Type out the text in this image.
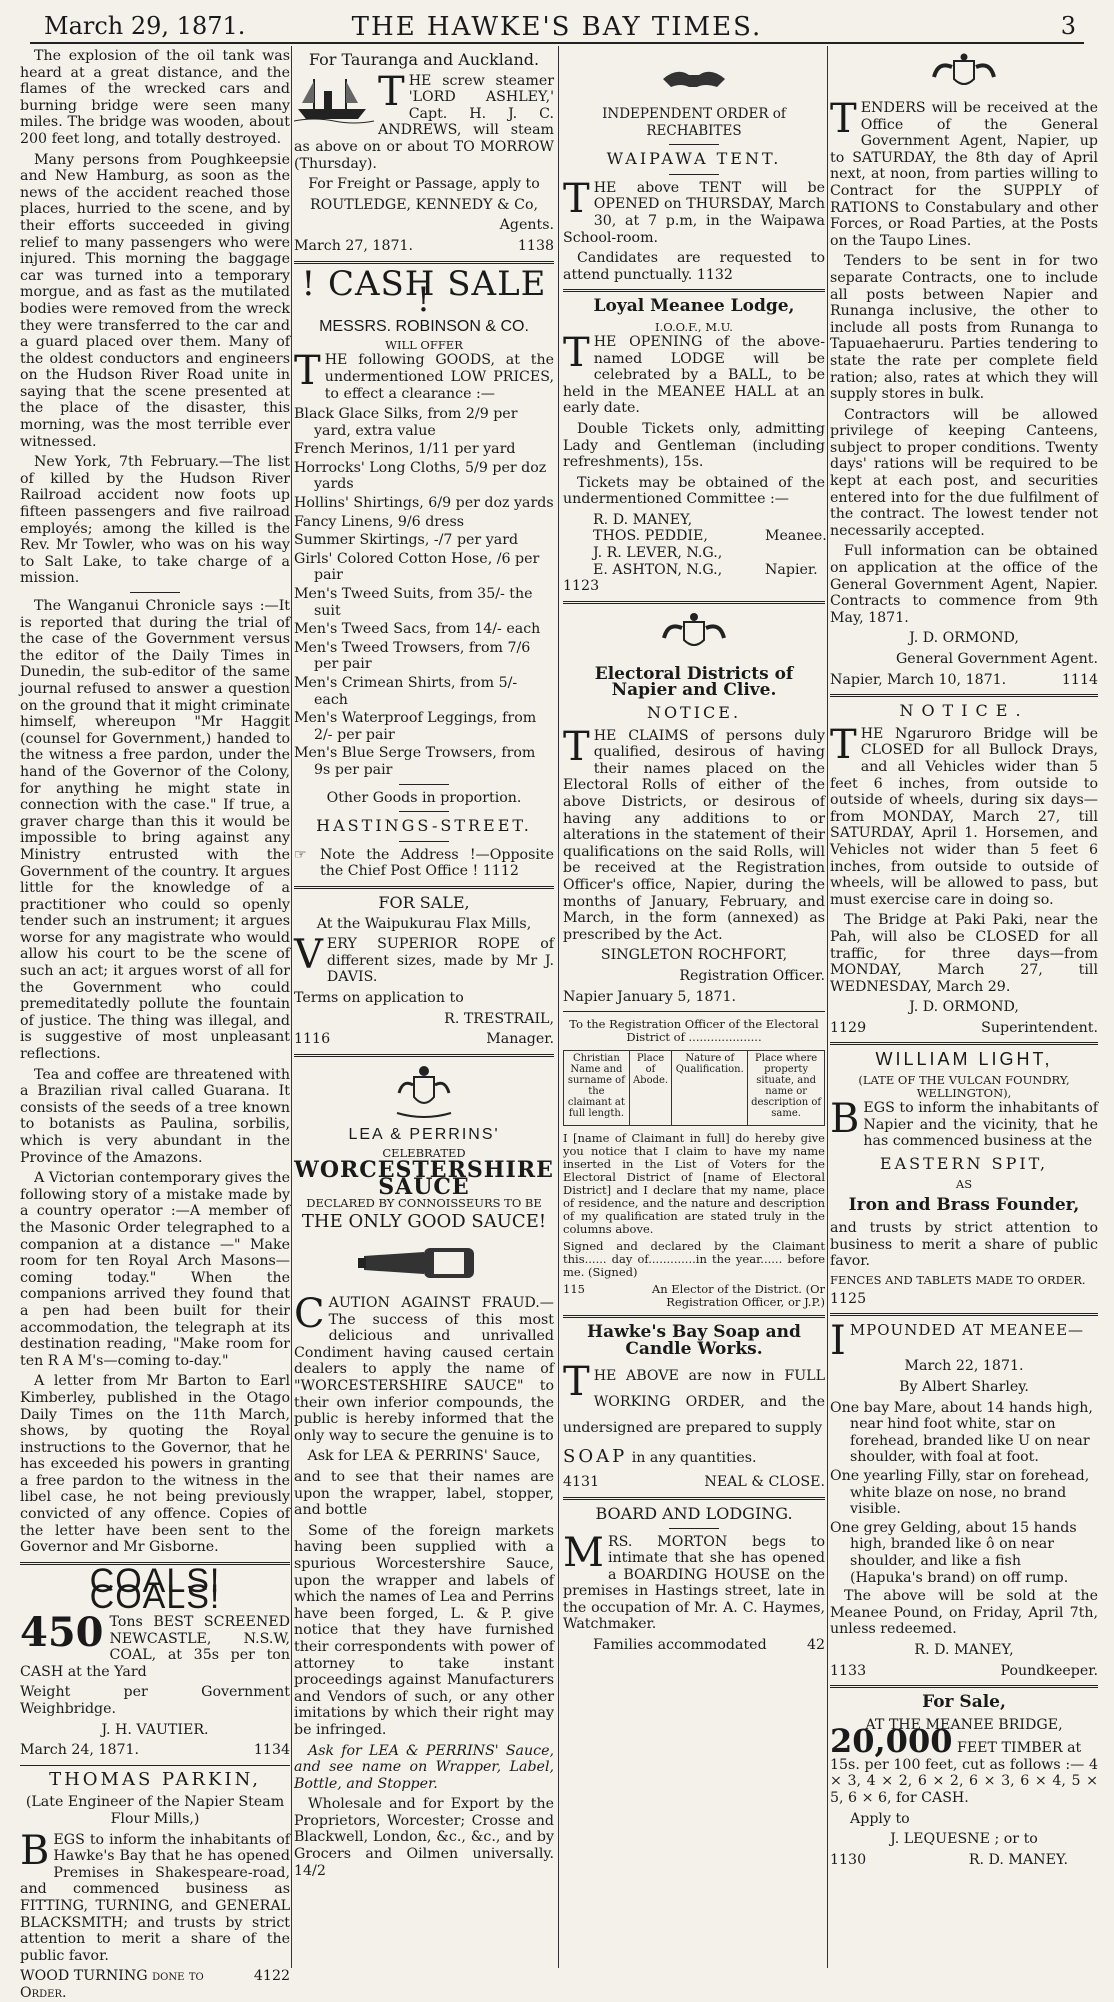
March 29, 1871.	THE HAWKE'S BAY TIMES.	3

The explosion of the oil tank was heard at a great distance, and the flames of the wrecked cars and burning bridge were seen many miles. The bridge was wooden, about 200 feet long, and totally destroyed.

Many persons from Poughkeepsie and New Hamburg, as soon as the news of the accident reached those places, hurried to the scene, and by their efforts succeeded in giving relief to many passengers who were injured. This morning the baggage car was turned into a temporary morgue, and as fast as the mutilated bodies were removed from the wreck they were transferred to the car and a guard placed over them. Many of the oldest conductors and engineers on the Hudson River Road unite in saying that the scene presented at the place of the disaster, this morning, was the most terrible ever witnessed.

New York, 7th February.—The list of killed by the Hudson River Railroad accident now foots up fifteen passengers and five railroad employés; among the killed is the Rev. Mr Towler, who was on his way to Salt Lake, to take charge of a mission.

The Wanganui Chronicle says :—It is reported that during the trial of the case of the Government versus the editor of the Daily Times in Dunedin, the sub-editor of the same journal refused to answer a question on the ground that it might criminate himself, whereupon "Mr Haggit (counsel for Government,) handed to the witness a free pardon, under the hand of the Governor of the Colony, for anything he might state in connection with the case." If true, a graver charge than this it would be impossible to bring against any Ministry entrusted with the Government of the country. It argues little for the knowledge of a practitioner who could so openly tender such an instrument; it argues worse for any magistrate who would allow his court to be the scene of such an act; it argues worst of all for the Government who could premeditatedly pollute the fountain of justice. The thing was illegal, and is suggestive of most unpleasant reflections.

Tea and coffee are threatened with a Brazilian rival called Guarana. It consists of the seeds of a tree known to botanists as Paulina, sorbilis, which is very abundant in the Province of the Amazons.

A Victorian contemporary gives the following story of a mistake made by a country operator :—A member of the Masonic Order telegraphed to a companion at a distance —" Make room for ten Royal Arch Masons—coming today." When the companions arrived they found that a pen had been built for their accommodation, the telegraph at its destination reading, "Make room for ten R A M's—coming to-day."

A letter from Mr Barton to Earl Kimberley, published in the Otago Daily Times on the 11th March, shows, by quoting the Royal instructions to the Governor, that he has exceeded his powers in granting a free pardon to the witness in the libel case, he not being previously convicted of any offence. Copies of the letter have been sent to the Governor and Mr Gisborne.

COALS! COALS!
450 Tons BEST SCREENED NEWCASTLE, N.S.W, COAL, at 35s per ton CASH at the Yard

Weight per Government Weighbridge.

J. H. VAUTIER.

March 24, 1871.	1134
THOMAS PARKIN,

(Late Engineer of the Napier Steam Flour Mills,)

BEGS to inform the inhabitants of Hawke's Bay that he has opened Premises in Shakespeare-road, and commenced business as FITTING, TURNING, and GENERAL BLACKSMITH; and trusts by strict attention to merit a share of the public favor.

WOOD TURNING done to Order.
4122
For Tauranga and Auckland.

THE screw steamer 'LORD ASHLEY,' Capt. H. J. C. ANDREWS, will steam as above on or about TO MORROW (Thursday).

For Freight or Passage, apply to

ROUTLEDGE, KENNEDY & Co,

Agents.

March 27, 1871.	1138
! CASH SALE !
MESSRS. ROBINSON & CO.
WILL OFFER

THE following GOODS, at the undermentioned LOW PRICES, to effect a clearance :—

Black Glace Silks, from 2/9 per yard, extra value

French Merinos, 1/11 per yard

Horrocks' Long Cloths, 5/9 per doz yards

Hollins' Shirtings, 6/9 per doz yards

Fancy Linens, 9/6 dress

Summer Skirtings, -/7 per yard

Girls' Colored Cotton Hose, /6 per pair

Men's Tweed Suits, from 35/- the suit

Men's Tweed Sacs, from 14/- each

Men's Tweed Trowsers, from 7/6 per pair

Men's Crimean Shirts, from 5/- each

Men's Waterproof Leggings, from 2/- per pair

Men's Blue Serge Trowsers, from 9s per pair

Other Goods in proportion.

HASTINGS-STREET.

☞ Note the Address !—Opposite the Chief Post Office ! 1112

FOR SALE,

At the Waipukurau Flax Mills,

VERY SUPERIOR ROPE of different sizes, made by Mr J. DAVIS.

Terms on application to

R. TRESTRAIL,

1116	Manager.
LEA & PERRINS'
CELEBRATED
WORCESTERSHIRE SAUCE
DECLARED BY CONNOISSEURS TO BE
THE ONLY GOOD SAUCE!

CAUTION AGAINST FRAUD.— The success of this most delicious and unrivalled Condiment having caused certain dealers to apply the name of "WORCESTERSHIRE SAUCE" to their own inferior compounds, the public is hereby informed that the only way to secure the genuine is to

Ask for LEA & PERRINS' Sauce,

and to see that their names are upon the wrapper, label, stopper, and bottle

Some of the foreign markets having been supplied with a spurious Worcestershire Sauce, upon the wrapper and labels of which the names of Lea and Perrins have been forged, L. & P. give notice that they have furnished their correspondents with power of attorney to take instant proceedings against Manufacturers and Vendors of such, or any other imitations by which their right may be infringed.

Ask for LEA & PERRINS' Sauce, and see name on Wrapper, Label, Bottle, and Stopper.

Wholesale and for Export by the Proprietors, Worcester; Crosse and Blackwell, London, &c., &c., and by Grocers and Oilmen universally. 14/2

INDEPENDENT ORDER of RECHABITES
WAIPAWA TENT.

THE above TENT will be OPENED on THURSDAY, March 30, at 7 p.m, in the Waipawa School-room.

Candidates are requested to attend punctually. 1132

Loyal Meanee Lodge,
I.O.O.F., M.U.

THE OPENING of the above-named LODGE will be celebrated by a BALL, to be held in the MEANEE HALL at an early date.

Double Tickets only, admitting Lady and Gentleman (including refreshments), 15s.

Tickets may be obtained of the undermentioned Committee :—

R. D. MANEY,
THOS. PEDDIE,
J. R. LEVER, N.G.,
E. ASHTON, N.G.,
Meanee.
Napier.

1123

Electoral Districts of Napier and Clive.
NOTICE.

THE CLAIMS of persons duly qualified, desirous of having their names placed on the Electoral Rolls of either of the above Districts, or desirous of having any additions to or alterations in the statement of their qualifications on the said Rolls, will be received at the Registration Officer's office, Napier, during the months of January, February, and March, in the form (annexed) as prescribed by the Act.

SINGLETON ROCHFORT,

Registration Officer.

Napier January 5, 1871.

To the Registration Officer of the Electoral District of ....................
Christian Name and surname of the claimant at full length.	Place of Abode.	Nature of Qualification.	Place where property situate, and name or description of same.

I [name of Claimant in full] do hereby give you notice that I claim to have my name inserted in the List of Voters for the Electoral District of [name of Electoral District] and I declare that my name, place of residence, and the nature and description of my qualification are stated truly in the columns above.

Signed and declared by the Claimant this...... day of.............in the year...... before me. (Signed)

115	An Elector of the District. (Or Registration Officer, or J.P.)
Hawke's Bay Soap and Candle Works.

THE ABOVE are now in FULL WORKING ORDER, and the undersigned are prepared to supply

SOAP in any quantities.

4131	NEAL & CLOSE.
BOARD AND LODGING.

MRS. MORTON begs to intimate that she has opened a BOARDING HOUSE on the premises in Hastings street, late in the occupation of Mr. A. C. Haymes, Watchmaker.

Families accommodated	42

TENDERS will be received at the Office of the General Government Agent, Napier, up to SATURDAY, the 8th day of April next, at noon, from parties willing to Contract for the SUPPLY of RATIONS to Constabulary and other Forces, or Road Parties, at the Posts on the Taupo Lines.

Tenders to be sent in for two separate Contracts, one to include all posts between Napier and Runanga inclusive, the other to include all posts from Runanga to Tapuaehaeruru. Parties tendering to state the rate per complete field ration; also, rates at which they will supply stores in bulk.

Contractors will be allowed privilege of keeping Canteens, subject to proper conditions. Twenty days' rations will be required to be kept at each post, and securities entered into for the due fulfilment of the contract. The lowest tender not necessarily accepted.

Full information can be obtained on application at the office of the General Government Agent, Napier. Contracts to commence from 9th May, 1871.

J. D. ORMOND,

General Government Agent.

Napier, March 10, 1871.	1114
NOTICE.

THE Ngaruroro Bridge will be CLOSED for all Bullock Drays, and all Vehicles wider than 5 feet 6 inches, from outside to outside of wheels, during six days—from MONDAY, March 27, till SATURDAY, April 1. Horsemen, and Vehicles not wider than 5 feet 6 inches, from outside to outside of wheels, will be allowed to pass, but must exercise care in doing so.

The Bridge at Paki Paki, near the Pah, will also be CLOSED for all traffic, for three days—from MONDAY, March 27, till WEDNESDAY, March 29.

J. D. ORMOND,

1129	Superintendent.
WILLIAM LIGHT,
(LATE OF THE VULCAN FOUNDRY, WELLINGTON),

BEGS to inform the inhabitants of Napier and the vicinity, that he has commenced business at the

EASTERN SPIT,
AS
Iron and Brass Founder,

and trusts by strict attention to business to merit a share of public favor.

FENCES AND TABLETS MADE TO ORDER.

1125

IMPOUNDED AT MEANEE—

March 22, 1871.

By Albert Sharley.

One bay Mare, about 14 hands high, near hind foot white, star on forehead, branded like U on near shoulder, with foal at foot.

One yearling Filly, star on forehead, white blaze on nose, no brand visible.

One grey Gelding, about 15 hands high, branded like ô on near shoulder, and like a fish (Hapuka's brand) on off rump.

The above will be sold at the Meanee Pound, on Friday, April 7th, unless redeemed.

R. D. MANEY,

1133	Poundkeeper.
For Sale,
AT THE MEANEE BRIDGE,
20,000 FEET TIMBER at

15s. per 100 feet, cut as follows :— 4 × 3, 4 × 2, 6 × 2, 6 × 3, 6 × 4, 5 × 5, 6 × 6, for CASH.

Apply to

J. LEQUESNE ; or to

1130	R. D. MANEY.
